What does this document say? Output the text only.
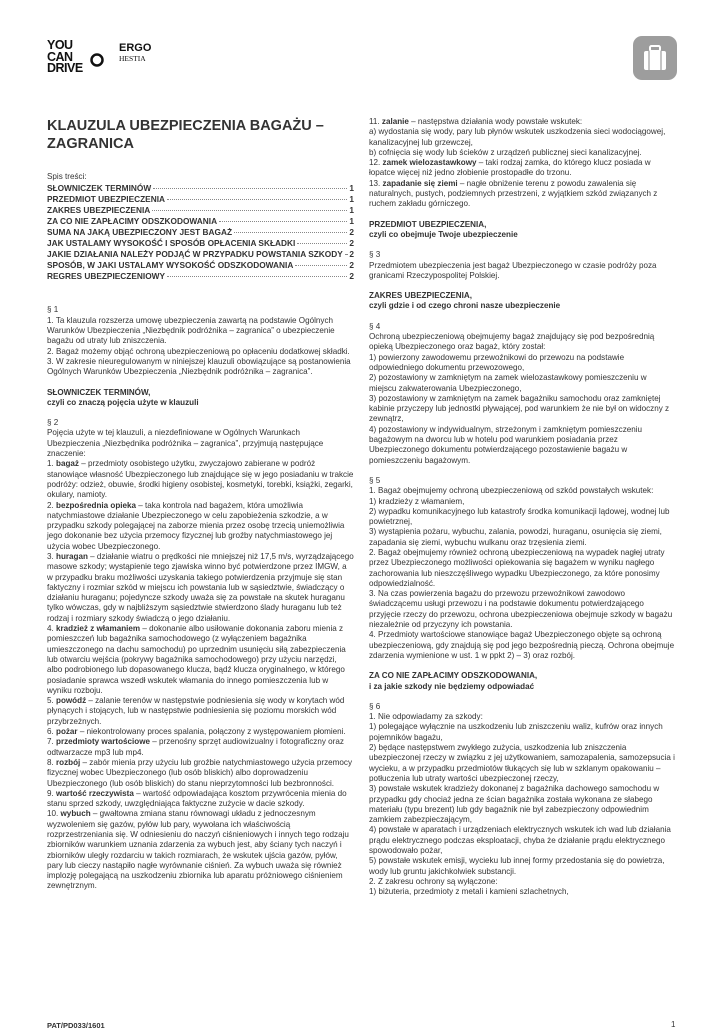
YOU
CAN
DRIVE
ERGO
HESTIA
KLAUZULA UBEZPIECZENIA BAGAŻU – ZAGRANICA

Spis treści:

SŁOWNICZEK TERMINÓW	1
PRZEDMIOT UBEZPIECZENIA	1
ZAKRES UBEZPIECZENIA	1
ZA CO NIE ZAPŁACIMY ODSZKODOWANIA	1
SUMA NA JAKĄ UBEZPIECZONY JEST BAGAŻ	2
JAK USTALAMY WYSOKOŚĆ I SPOSÓB OPŁACENIA SKŁADKI	2
JAKIE DZIAŁANIA NALEŻY PODJĄĆ W PRZYPADKU POWSTANIA SZKODY 2
SPOSÓB, W JAKI USTALAMY WYSOKOŚĆ ODSZKODOWANIA	2
REGRES UBEZPIECZENIOWY	2

§ 1

1. Ta klauzula rozszerza umowę ubezpieczenia zawartą na podstawie Ogólnych Warunków Ubezpieczenia „Niezbędnik podróżnika – zagranica” o ubezpieczenie bagażu od utraty lub zniszczenia.

2. Bagaż możemy objąć ochroną ubezpieczeniową po opłaceniu dodatkowej składki.

3. W zakresie nieuregulowanym w niniejszej klauzuli obowiązujące są postanowienia Ogólnych Warunków Ubezpieczenia „Niezbędnik podróżnika – zagranica”.

SŁOWNICZEK TERMINÓW,

czyli co znaczą pojęcia użyte w klauzuli

§ 2

Pojęcia użyte w tej klauzuli, a niezdefiniowane w Ogólnych Warunkach Ubezpieczenia „Niezbędnika podróżnika – zagranica”, przyjmują następujące znaczenie:

1. bagaż – przedmioty osobistego użytku, zwyczajowo zabierane w podróż stanowiące własność Ubezpieczonego lub znajdujące się w jego posiadaniu w trakcie podróży: odzież, obuwie, środki higieny osobistej, kosmetyki, torebki, książki, zegarki, okulary, namioty.

2. bezpośrednia opieka – taka kontrola nad bagażem, która umożliwia natychmiastowe działanie Ubezpieczonego w celu zapobieżenia szkodzie, a w przypadku szkody polegającej na zaborze mienia przez osobę trzecią uniemożliwia jego dokonanie bez użycia przemocy fizycznej lub groźby natychmiastowego jej użycia wobec Ubezpieczonego.

3. huragan – działanie wiatru o prędkości nie mniejszej niż 17,5 m/s, wyrządzającego masowe szkody; wystąpienie tego zjawiska winno być potwierdzone przez IMGW, a w przypadku braku możliwości uzyskania takiego potwierdzenia przyjmuje się stan faktyczny i rozmiar szkód w miejscu ich powstania lub w sąsiedztwie, świadczący o działaniu huraganu; pojedyncze szkody uważa się za powstałe na skutek huraganu tylko wówczas, gdy w najbliższym sąsiedztwie stwierdzono ślady huraganu lub też rodzaj i rozmiary szkody świadczą o jego działaniu.

4. kradzież z włamaniem – dokonanie albo usiłowanie dokonania zaboru mienia z pomieszczeń lub bagażnika samochodowego (z wyłączeniem bagażnika umieszczonego na dachu samochodu) po uprzednim usunięciu siłą zabezpieczenia lub otwarciu wejścia (pokrywy bagażnika samochodowego) przy użyciu narzędzi, albo podrobionego lub dopasowanego klucza, bądź klucza oryginalnego, w którego posiadanie sprawca wszedł wskutek włamania do innego pomieszczenia lub w wyniku rozboju.

5. powódź – zalanie terenów w następstwie podniesienia się wody w korytach wód płynących i stojących, lub w następstwie podniesienia się poziomu morskich wód przybrzeżnych.

6. pożar – niekontrolowany proces spalania, połączony z występowaniem płomieni.

7. przedmioty wartościowe – przenośny sprzęt audiowizualny i fotograficzny oraz odtwarzacze mp3 lub mp4.

8. rozbój – zabór mienia przy użyciu lub groźbie natychmiastowego użycia przemocy fizycznej wobec Ubezpieczonego (lub osób bliskich) albo doprowadzeniu Ubezpieczonego (lub osób bliskich) do stanu nieprzytomności lub bezbronności.

9. wartość rzeczywista – wartość odpowiadająca kosztom przywrócenia mienia do stanu sprzed szkody, uwzględniająca faktyczne zużycie w dacie szkody.

10. wybuch – gwałtowna zmiana stanu równowagi układu z jednoczesnym wyzwoleniem się gazów, pyłów lub pary, wywołana ich właściwością rozprzestrzeniania się. W odniesieniu do naczyń ciśnieniowych i innych tego rodzaju zbiorników warunkiem uznania zdarzenia za wybuch jest, aby ściany tych naczyń i zbiorników uległy rozdarciu w takich rozmiarach, że wskutek ujścia gazów, pyłów, pary lub cieczy nastąpiło nagłe wyrównanie ciśnień. Za wybuch uważa się również implozję polegającą na uszkodzeniu zbiornika lub aparatu próżniowego ciśnieniem zewnętrznym.

11. zalanie – następstwa działania wody powstałe wskutek:

a) wydostania się wody, pary lub płynów wskutek uszkodzenia sieci wodociągowej, kanalizacyjnej lub grzewczej,

b) cofnięcia się wody lub ścieków z urządzeń publicznej sieci kanalizacyjnej.

12. zamek wielozastawkowy – taki rodzaj zamka, do którego klucz posiada w łopatce więcej niż jedno złobienie prostopadłe do trzonu.

13. zapadanie się ziemi – nagłe obniżenie terenu z powodu zawalenia się naturalnych, pustych, podziemnych przestrzeni, z wyjątkiem szkód związanych z ruchem zakładu górniczego.

PRZEDMIOT UBEZPIECZENIA,

czyli co obejmuje Twoje ubezpieczenie

§ 3

Przedmiotem ubezpieczenia jest bagaż Ubezpieczonego w czasie podróży poza granicami Rzeczypospolitej Polskiej.

ZAKRES UBEZPIECZENIA,

czyli gdzie i od czego chroni nasze ubezpieczenie

§ 4

Ochroną ubezpieczeniową obejmujemy bagaż znajdujący się pod bezpośrednią opieką Ubezpieczonego oraz bagaż, który został:

1) powierzony zawodowemu przewoźnikowi do przewozu na podstawie odpowiedniego dokumentu przewozowego,

2) pozostawiony w zamkniętym na zamek wielozastawkowy pomieszczeniu w miejscu zakwaterowania Ubezpieczonego,

3) pozostawiony w zamkniętym na zamek bagażniku samochodu oraz zamkniętej kabinie przyczepy lub jednostki pływającej, pod warunkiem że nie był on widoczny z zewnątrz,

4) pozostawiony w indywidualnym, strzeżonym i zamkniętym pomieszczeniu bagażowym na dworcu lub w hotelu pod warunkiem posiadania przez Ubezpieczonego dokumentu potwierdzającego pozostawienie bagażu w pomieszczeniu bagażowym.

§ 5

1. Bagaż obejmujemy ochroną ubezpieczeniową od szkód powstałych wskutek:

1) kradzieży z włamaniem,

2) wypadku komunikacyjnego lub katastrofy środka komunikacji lądowej, wodnej lub powietrznej,

3) wystąpienia pożaru, wybuchu, zalania, powodzi, huraganu, osunięcia się ziemi, zapadania się ziemi, wybuchu wulkanu oraz trzęsienia ziemi.

2. Bagaż obejmujemy również ochroną ubezpieczeniową na wypadek nagłej utraty przez Ubezpieczonego możliwości opiekowania się bagażem w wyniku nagłego zachorowania lub nieszczęśliwego wypadku Ubezpieczonego, za które ponosimy odpowiedzialność.

3. Na czas powierzenia bagażu do przewozu przewoźnikowi zawodowo świadczącemu usługi przewozu i na podstawie dokumentu potwierdzającego przyjęcie rzeczy do przewozu, ochrona ubezpieczeniowa obejmuje szkody w bagażu niezależnie od przyczyny ich powstania.

4. Przedmioty wartościowe stanowiące bagaż Ubezpieczonego objęte są ochroną ubezpieczeniową, gdy znajdują się pod jego bezpośrednią pieczą. Ochrona obejmuje zdarzenia wymienione w ust. 1 w ppkt 2) – 3) oraz rozbój.

ZA CO NIE ZAPŁACIMY ODSZKODOWANIA,

i za jakie szkody nie będziemy odpowiadać

§ 6

1. Nie odpowiadamy za szkody:

1) polegające wyłącznie na uszkodzeniu lub zniszczeniu waliz, kufrów oraz innych pojemników bagażu,

2) będące następstwem zwykłego zużycia, uszkodzenia lub zniszczenia ubezpieczonej rzeczy w związku z jej użytkowaniem, samozapalenia, samozepsucia i wycieku, a w przypadku przedmiotów tłukących się lub w szklanym opakowaniu – potłuczenia lub utraty wartości ubezpieczonej rzeczy,

3) powstałe wskutek kradzieży dokonanej z bagażnika dachowego samochodu w przypadku gdy chociaż jedna ze ścian bagażnika została wykonana ze słabego materiału (typu brezent) lub gdy bagażnik nie był zabezpieczony odpowiednim zamkiem zabezpieczającym,

4) powstałe w aparatach i urządzeniach elektrycznych wskutek ich wad lub działania prądu elektrycznego podczas eksploatacji, chyba że działanie prądu elektrycznego spowodowało pożar,

5) powstałe wskutek emisji, wycieku lub innej formy przedostania się do powietrza, wody lub gruntu jakichkolwiek substancji.

2. Z zakresu ochrony są wyłączone:

1) biżuteria, przedmioty z metali i kamieni szlachetnych,

PAT/PD033/1601	1
